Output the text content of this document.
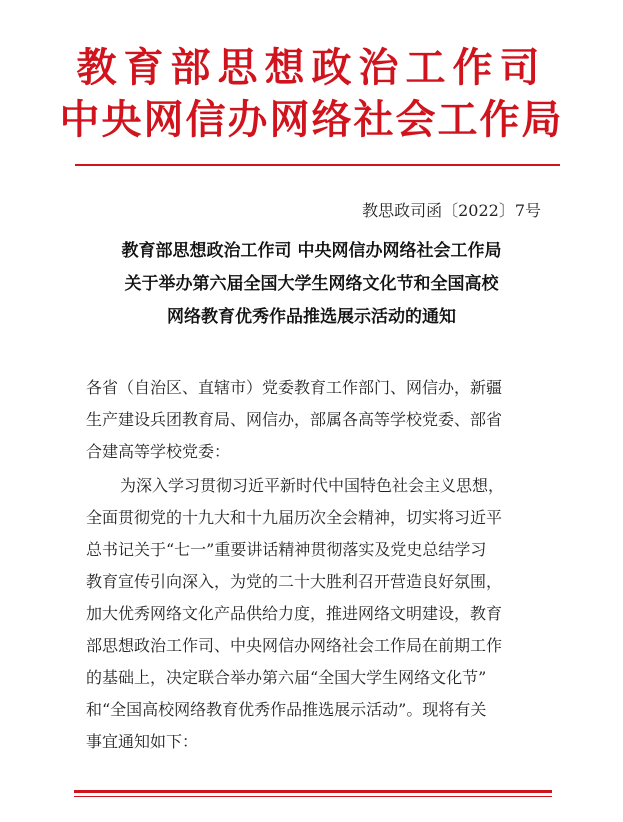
教育部思想政治工作司
中央网信办网络社会工作局
教思政司函〔2022〕7号
教育部思想政治工作司 中央网信办网络社会工作局
关于举办第六届全国大学生网络文化节和全国高校
网络教育优秀作品推选展示活动的通知
各省（自治区、直辖市）党委教育工作部门、网信办，新疆
生产建设兵团教育局、网信办，部属各高等学校党委、部省
合建高等学校党委：
为深入学习贯彻习近平新时代中国特色社会主义思想，
全面贯彻党的十九大和十九届历次全会精神，切实将习近平
总书记关于“七一”重要讲话精神贯彻落实及党史总结学习
教育宣传引向深入，为党的二十大胜利召开营造良好氛围，
加大优秀网络文化产品供给力度，推进网络文明建设，教育
部思想政治工作司、中央网信办网络社会工作局在前期工作
的基础上，决定联合举办第六届“全国大学生网络文化节”
和“全国高校网络教育优秀作品推选展示活动”。现将有关
事宜通知如下：
